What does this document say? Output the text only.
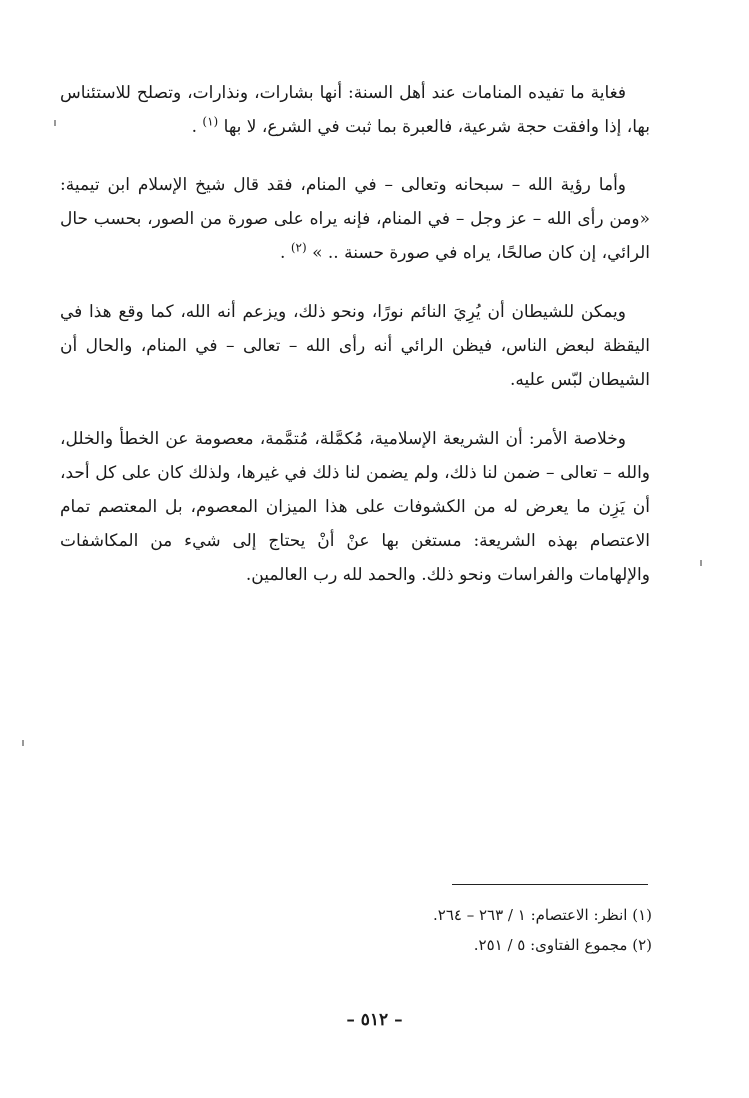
فغاية ما تفيده المنامات عند أهل السنة: أنها بشارات، ونذارات، وتصلح للاستئناس بها، إذا وافقت حجة شرعية، فالعبرة بما ثبت في الشرع، لا بها $^{(١)}$ .

وأما رؤية الله – سبحانه وتعالى – في المنام، فقد قال شيخ الإسلام ابن تيمية: «ومن رأى الله – عز وجل – في المنام، فإنه يراه على صورة من الصور، بحسب حال الرائي، إن كان صالحًا، يراه في صورة حسنة .. » $^{(٢)}$ .

ويمكن للشيطان أن يُرِيَ النائم نورًا، ونحو ذلك، ويزعم أنه الله، كما وقع هذا في اليقظة لبعض الناس، فيظن الرائي أنه رأى الله – تعالى – في المنام، والحال أن الشيطان لبّس عليه.

وخلاصة الأمر: أن الشريعة الإسلامية، مُكمَّلة، مُتمَّمة، معصومة عن الخطأ والخلل، والله – تعالى – ضمن لنا ذلك، ولم يضمن لنا ذلك في غيرها، ولذلك كان على كل أحد، أن يَزِن ما يعرض له من الكشوفات على هذا الميزان المعصوم، بل المعتصم تمام الاعتصام بهذه الشريعة: مستغن بها عنْ أنْ يحتاج إلى شيء من المكاشفات والإلهامات والفراسات ونحو ذلك. والحمد لله رب العالمين.

(١) انظر: الاعتصام: ١ / ٢٦٣ – ٢٦٤.

(٢) مجموع الفتاوى: ٥ / ٢٥١.

– ٥١٢ –
